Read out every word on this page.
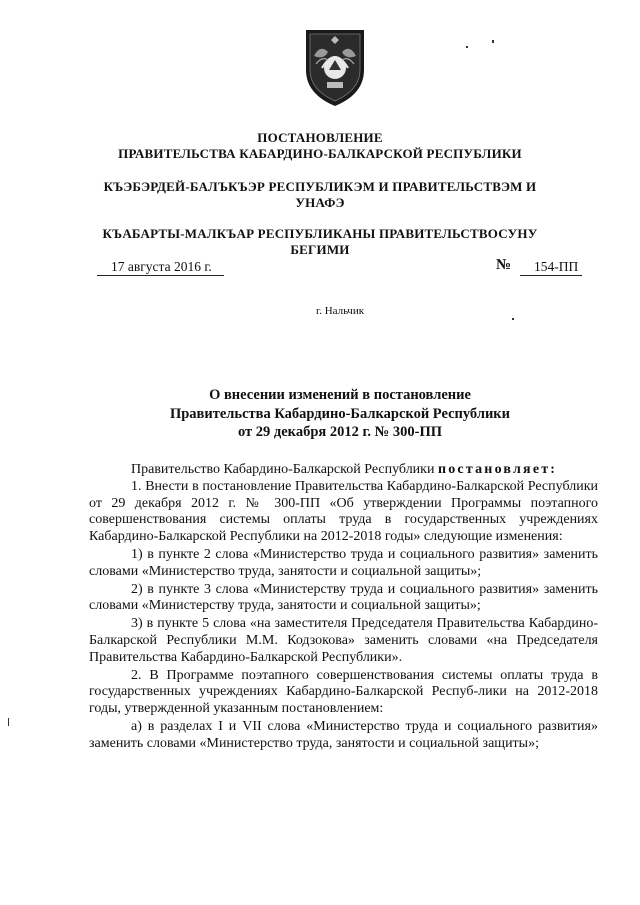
ПОСТАНОВЛЕНИЕ
ПРАВИТЕЛЬСТВА КАБАРДИНО-БАЛКАРСКОЙ РЕСПУБЛИКИ
КЪЭБЭРДЕЙ-БАЛЪКЪЭР РЕСПУБЛИКЭМ И ПРАВИТЕЛЬСТВЭМ И
УНАФЭ
КЪАБАРТЫ-МАЛКЪАР РЕСПУБЛИКАНЫ ПРАВИТЕЛЬСТВОСУНУ
БЕГИМИ
17 августа 2016 г.	№	154-ПП
г. Нальчик
О внесении изменений в постановление
Правительства Кабардино-Балкарской Республики
от 29 декабря 2012 г. № 300-ПП

Правительство Кабардино-Балкарской Республики постановляет:

1. Внести в постановление Правительства Кабардино-Балкарской Республики от 29 декабря 2012 г. № 300-ПП «Об утверждении Программы поэтапного совершенствования системы оплаты труда в государственных учреждениях Кабардино-Балкарской Республики на 2012-2018 годы» следующие изменения:

1) в пункте 2 слова «Министерство труда и социального развития» заменить словами «Министерство труда, занятости и социальной защиты»;

2) в пункте 3 слова «Министерству труда и социального развития» заменить словами «Министерству труда, занятости и социальной защиты»;

3) в пункте 5 слова «на заместителя Председателя Правительства Кабардино-Балкарской Республики М.М. Кодзокова» заменить словами «на Председателя Правительства Кабардино-Балкарской Республики».

2. В Программе поэтапного совершенствования системы оплаты труда в государственных учреждениях Кабардино-Балкарской Респуб-лики на 2012-2018 годы, утвержденной указанным постановлением:

а) в разделах I и VII слова «Министерство труда и социального развития» заменить словами «Министерство труда, занятости и социальной защиты»;
